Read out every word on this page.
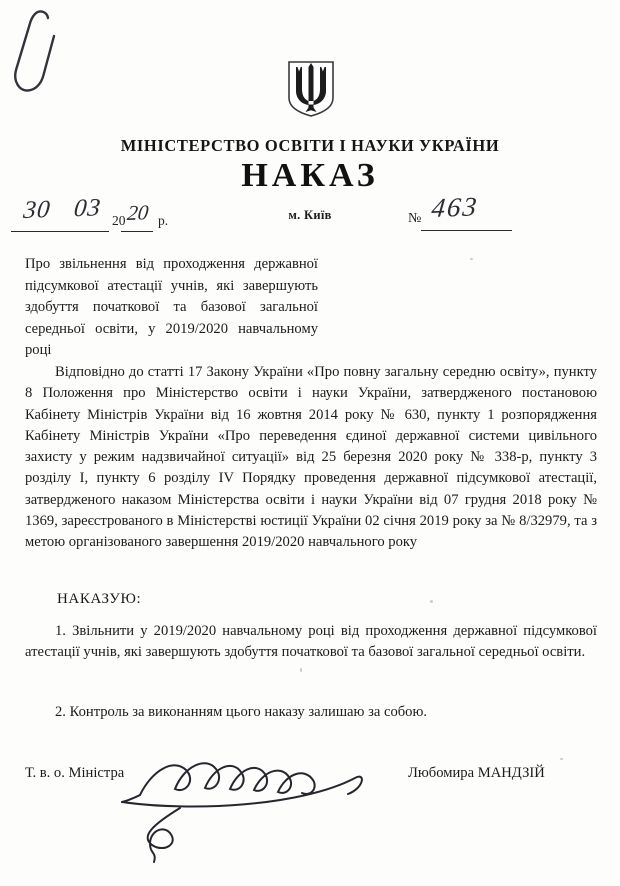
МІНІСТЕРСТВО ОСВІТИ І НАУКИ УКРАЇНИ
НАКАЗ
м. Київ
30 03 20 20 р.	№ 463
Про звільнення від проходження державної підсумкової атестації учнів, які завершують здобуття початкової та базової загальної середньої освіти, у 2019/2020 навчальному році
Відповідно до статті 17 Закону України «Про повну загальну середню освіту», пункту 8 Положення про Міністерство освіти і науки України, затвердженого постановою Кабінету Міністрів України від 16 жовтня 2014 року № 630, пункту 1 розпорядження Кабінету Міністрів України «Про переведення єдиної державної системи цивільного захисту у режим надзвичайної ситуації» від 25 березня 2020 року № 338-р, пункту 3 розділу I, пункту 6 розділу IV Порядку проведення державної підсумкової атестації, затвердженого наказом Міністерства освіти і науки України від 07 грудня 2018 року № 1369, зареєстрованого в Міністерстві юстиції України 02 січня 2019 року за № 8/32979, та з метою організованого завершення 2019/2020 навчального року
НАКАЗУЮ:
1. Звільнити у 2019/2020 навчальному році від проходження державної підсумкової атестації учнів, які завершують здобуття початкової та базової загальної середньої освіти.
2. Контроль за виконанням цього наказу залишаю за собою.
Т. в. о. Міністра	Любомира МАНДЗІЙ
